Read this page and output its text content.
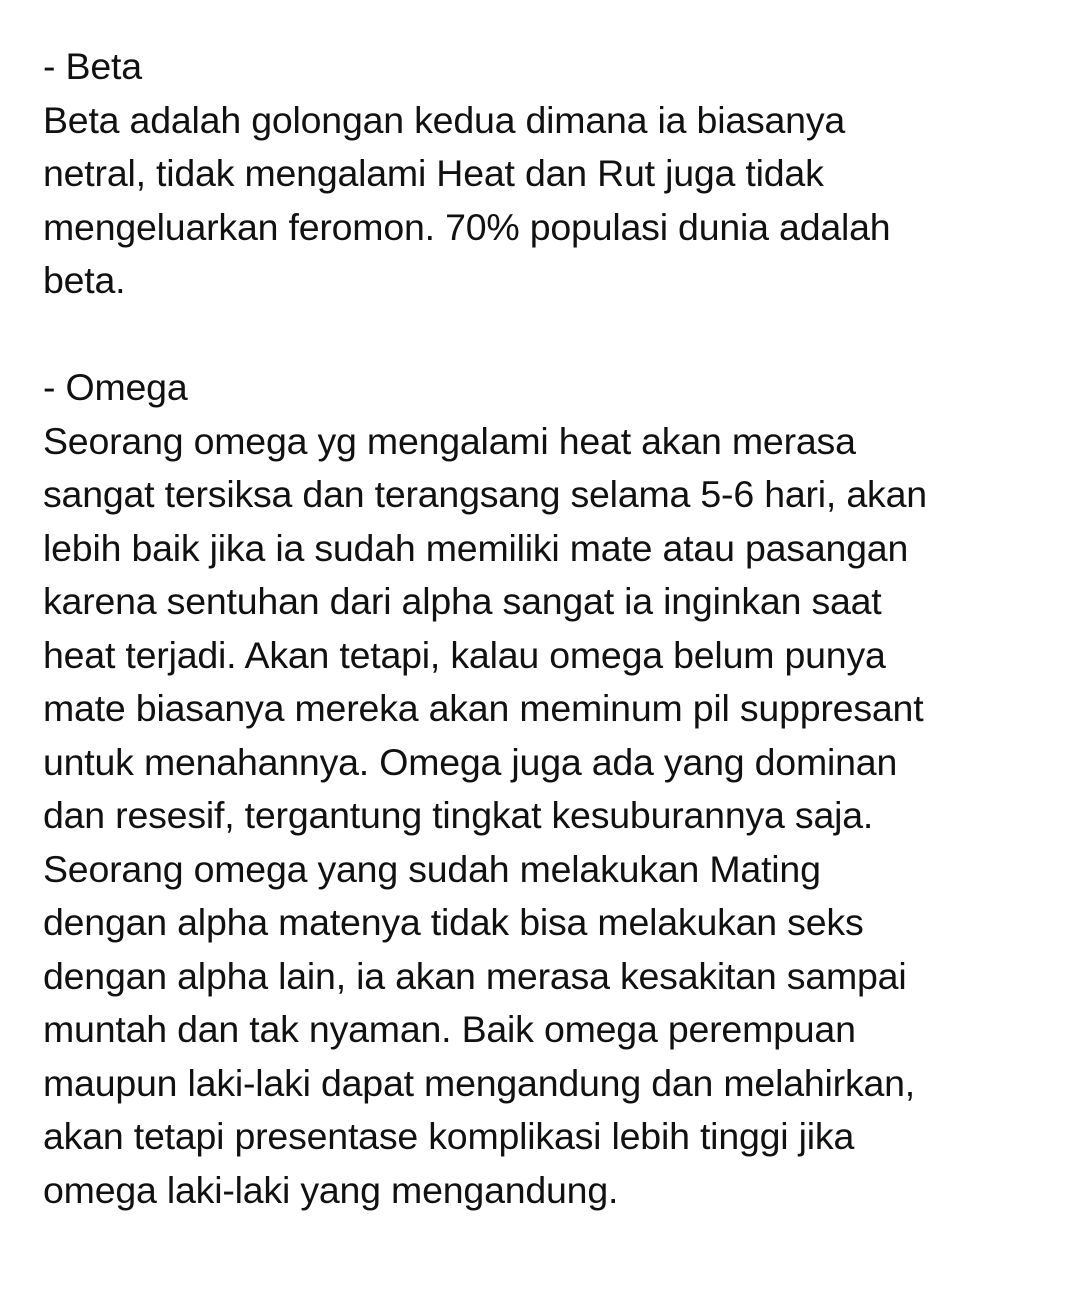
- Beta
Beta adalah golongan kedua dimana ia biasanya
netral, tidak mengalami Heat dan Rut juga tidak
mengeluarkan feromon. 70% populasi dunia adalah
beta.
- Omega
Seorang omega yg mengalami heat akan merasa
sangat tersiksa dan terangsang selama 5-6 hari, akan
lebih baik jika ia sudah memiliki mate atau pasangan
karena sentuhan dari alpha sangat ia inginkan saat
heat terjadi. Akan tetapi, kalau omega belum punya
mate biasanya mereka akan meminum pil suppresant
untuk menahannya. Omega juga ada yang dominan
dan resesif, tergantung tingkat kesuburannya saja.
Seorang omega yang sudah melakukan Mating
dengan alpha matenya tidak bisa melakukan seks
dengan alpha lain, ia akan merasa kesakitan sampai
muntah dan tak nyaman. Baik omega perempuan
maupun laki-laki dapat mengandung dan melahirkan,
akan tetapi presentase komplikasi lebih tinggi jika
omega laki-laki yang mengandung.
